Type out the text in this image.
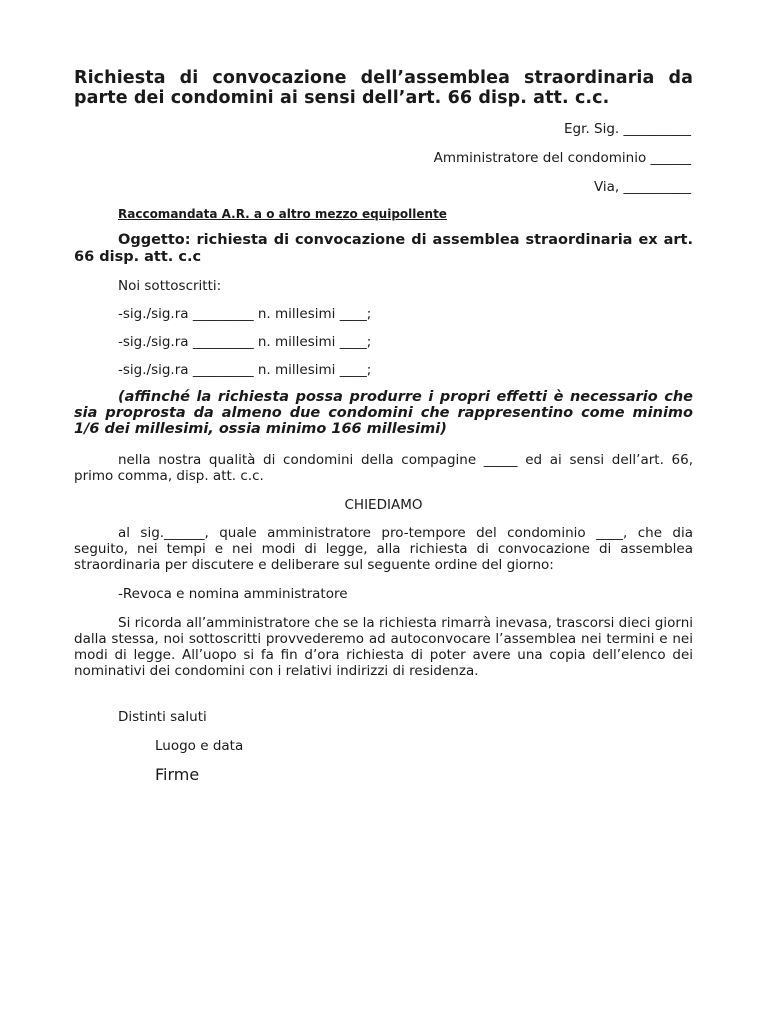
Richiesta di convocazione dell’assemblea straordinaria da parte dei condomini ai sensi dell’art. 66 disp. att. c.c.
Egr. Sig. __________
Amministratore del condominio ______
Via, __________
Raccomandata A.R. a o altro mezzo equipollente

Oggetto: richiesta di convocazione di assemblea straordinaria ex art. 66 disp. att. c.c

Noi sottoscritti:
-sig./sig.ra _________ n. millesimi ____;
-sig./sig.ra _________ n. millesimi ____;
-sig./sig.ra _________ n. millesimi ____;

(affinché la richiesta possa produrre i propri effetti è necessario che sia proprosta da almeno due condomini che rappresentino come minimo 1/6 dei millesimi, ossia minimo 166 millesimi)

nella nostra qualità di condomini della compagine _____ ed ai sensi dell’art. 66, primo comma, disp. att. c.c.

CHIEDIAMO

al sig.______, quale amministratore pro-tempore del condominio ____, che dia seguito, nei tempi e nei modi di legge, alla richiesta di convocazione di assemblea straordinaria per discutere e deliberare sul seguente ordine del giorno:

-Revoca e nomina amministratore

Si ricorda all’amministratore che se la richiesta rimarrà inevasa, trascorsi dieci giorni dalla stessa, noi sottoscritti provvederemo ad autoconvocare l’assemblea nei termini e nei modi di legge. All’uopo si fa fin d’ora richiesta di poter avere una copia dell’elenco dei nominativi dei condomini con i relativi indirizzi di residenza.

Distinti saluti
Luogo e data
Firme
